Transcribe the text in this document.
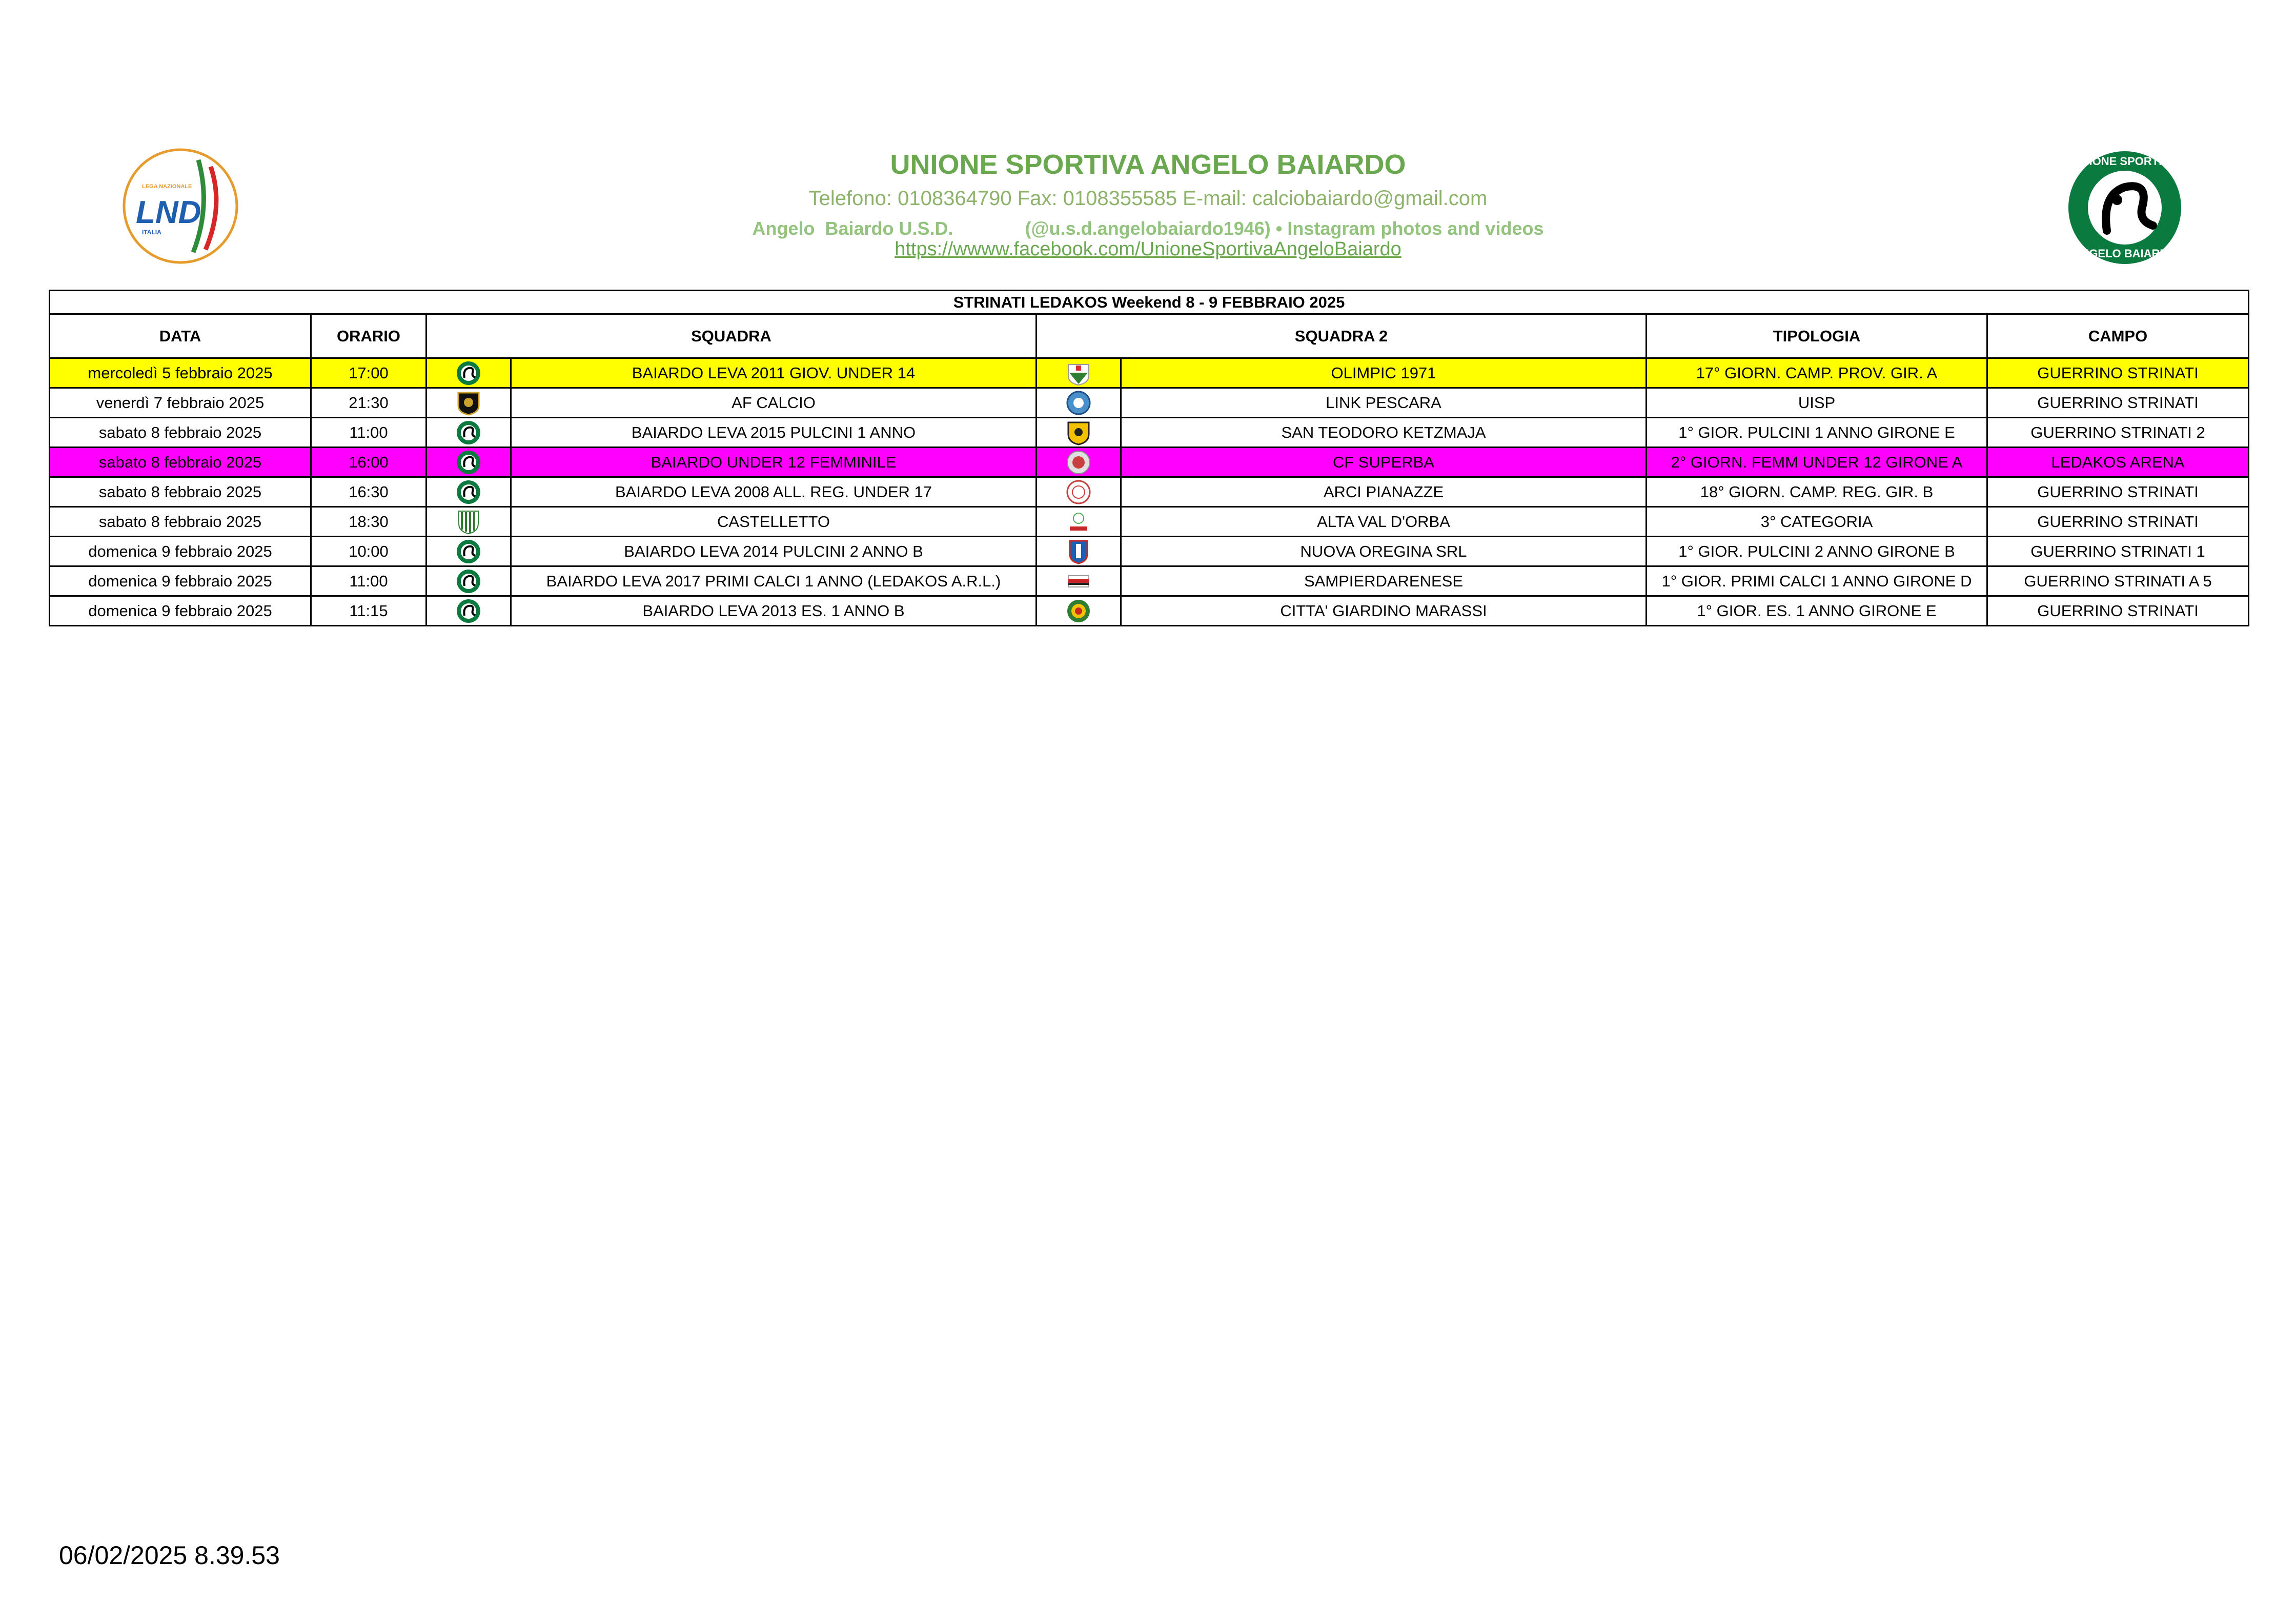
LND
LEGA NAZIONALE
ITALIA
UNIONE SPORTIVA
ANGELO BAIARDO
UNIONE SPORTIVA ANGELO BAIARDO
Telefono: 0108364790 Fax: 0108355585 E-mail: calciobaiardo@gmail.com
Angelo  Baiardo U.S.D.              (@u.s.d.angelobaiardo1946) • Instagram photos and videos
https://wwww.facebook.com/UnioneSportivaAngeloBaiardo
STRINATI LEDAKOS Weekend 8 - 9 FEBBRAIO 2025							
DATA	ORARIO	SQUADRA		SQUADRA 2		TIPOLOGIA	CAMPO
mercoledì 5 febbraio 2025	17:00		BAIARDO LEVA 2011 GIOV. UNDER 14		OLIMPIC 1971	17° GIORN. CAMP. PROV. GIR. A	GUERRINO STRINATI
venerdì 7 febbraio 2025	21:30		AF CALCIO		LINK PESCARA	UISP	GUERRINO STRINATI
sabato 8 febbraio 2025	11:00		BAIARDO LEVA 2015 PULCINI 1 ANNO		SAN TEODORO KETZMAJA	1° GIOR. PULCINI 1 ANNO GIRONE E	GUERRINO STRINATI 2
sabato 8 febbraio 2025	16:00		BAIARDO UNDER 12 FEMMINILE		CF SUPERBA	2° GIORN. FEMM UNDER 12 GIRONE A	LEDAKOS ARENA
sabato 8 febbraio 2025	16:30		BAIARDO LEVA 2008 ALL. REG. UNDER 17		ARCI PIANAZZE	18° GIORN. CAMP. REG. GIR. B	GUERRINO STRINATI
sabato 8 febbraio 2025	18:30		CASTELLETTO		ALTA VAL D'ORBA	3° CATEGORIA	GUERRINO STRINATI
domenica 9 febbraio 2025	10:00		BAIARDO LEVA 2014 PULCINI 2 ANNO B		NUOVA OREGINA SRL	1° GIOR. PULCINI 2 ANNO GIRONE B	GUERRINO STRINATI 1
domenica 9 febbraio 2025	11:00		BAIARDO LEVA 2017 PRIMI CALCI 1 ANNO (LEDAKOS A.R.L.)		SAMPIERDARENESE	1° GIOR. PRIMI CALCI 1 ANNO GIRONE D	GUERRINO STRINATI A 5
domenica 9 febbraio 2025	11:15		BAIARDO LEVA 2013 ES. 1 ANNO B		CITTA' GIARDINO MARASSI	1° GIOR. ES. 1 ANNO GIRONE E	GUERRINO STRINATI
06/02/2025 8.39.53
